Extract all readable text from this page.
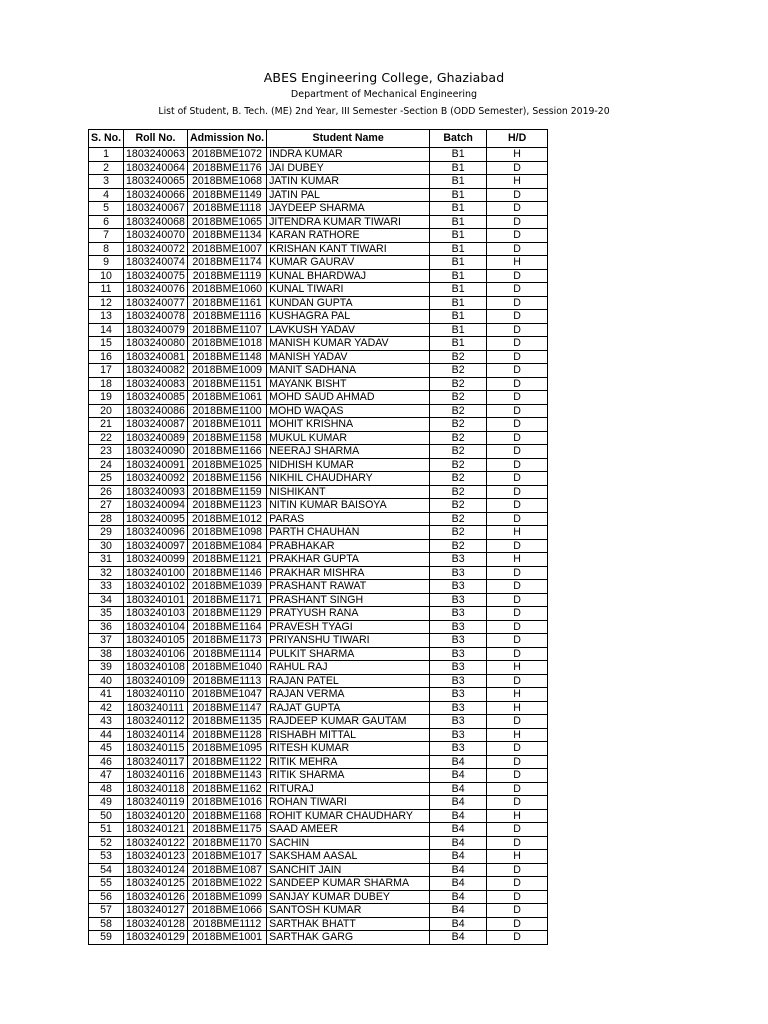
ABES Engineering College, Ghaziabad
Department of Mechanical Engineering
List of Student, B. Tech. (ME) 2nd Year, III Semester -Section B (ODD Semester), Session 2019-20
S. No.	Roll No.	Admission No.	Student Name	Batch	H/D
1	1803240063	2018BME1072	INDRA KUMAR	B1	H
2	1803240064	2018BME1176	JAI DUBEY	B1	D
3	1803240065	2018BME1068	JATIN KUMAR	B1	H
4	1803240066	2018BME1149	JATIN PAL	B1	D
5	1803240067	2018BME1118	JAYDEEP SHARMA	B1	D
6	1803240068	2018BME1065	JITENDRA KUMAR TIWARI	B1	D
7	1803240070	2018BME1134	KARAN RATHORE	B1	D
8	1803240072	2018BME1007	KRISHAN KANT TIWARI	B1	D
9	1803240074	2018BME1174	KUMAR GAURAV	B1	H
10	1803240075	2018BME1119	KUNAL BHARDWAJ	B1	D
11	1803240076	2018BME1060	KUNAL TIWARI	B1	D
12	1803240077	2018BME1161	KUNDAN GUPTA	B1	D
13	1803240078	2018BME1116	KUSHAGRA PAL	B1	D
14	1803240079	2018BME1107	LAVKUSH YADAV	B1	D
15	1803240080	2018BME1018	MANISH KUMAR YADAV	B1	D
16	1803240081	2018BME1148	MANISH YADAV	B2	D
17	1803240082	2018BME1009	MANIT SADHANA	B2	D
18	1803240083	2018BME1151	MAYANK BISHT	B2	D
19	1803240085	2018BME1061	MOHD SAUD AHMAD	B2	D
20	1803240086	2018BME1100	MOHD WAQAS	B2	D
21	1803240087	2018BME1011	MOHIT KRISHNA	B2	D
22	1803240089	2018BME1158	MUKUL KUMAR	B2	D
23	1803240090	2018BME1166	NEERAJ SHARMA	B2	D
24	1803240091	2018BME1025	NIDHISH KUMAR	B2	D
25	1803240092	2018BME1156	NIKHIL CHAUDHARY	B2	D
26	1803240093	2018BME1159	NISHIKANT	B2	D
27	1803240094	2018BME1123	NITIN KUMAR BAISOYA	B2	D
28	1803240095	2018BME1012	PARAS	B2	D
29	1803240096	2018BME1098	PARTH CHAUHAN	B2	H
30	1803240097	2018BME1084	PRABHAKAR	B2	D
31	1803240099	2018BME1121	PRAKHAR GUPTA	B3	H
32	1803240100	2018BME1146	PRAKHAR MISHRA	B3	D
33	1803240102	2018BME1039	PRASHANT RAWAT	B3	D
34	1803240101	2018BME1171	PRASHANT SINGH	B3	D
35	1803240103	2018BME1129	PRATYUSH RANA	B3	D
36	1803240104	2018BME1164	PRAVESH TYAGI	B3	D
37	1803240105	2018BME1173	PRIYANSHU TIWARI	B3	D
38	1803240106	2018BME1114	PULKIT SHARMA	B3	D
39	1803240108	2018BME1040	RAHUL RAJ	B3	H
40	1803240109	2018BME1113	RAJAN PATEL	B3	D
41	1803240110	2018BME1047	RAJAN VERMA	B3	H
42	1803240111	2018BME1147	RAJAT GUPTA	B3	H
43	1803240112	2018BME1135	RAJDEEP KUMAR GAUTAM	B3	D
44	1803240114	2018BME1128	RISHABH MITTAL	B3	H
45	1803240115	2018BME1095	RITESH KUMAR	B3	D
46	1803240117	2018BME1122	RITIK MEHRA	B4	D
47	1803240116	2018BME1143	RITIK SHARMA	B4	D
48	1803240118	2018BME1162	RITURAJ	B4	D
49	1803240119	2018BME1016	ROHAN TIWARI	B4	D
50	1803240120	2018BME1168	ROHIT KUMAR CHAUDHARY	B4	H
51	1803240121	2018BME1175	SAAD AMEER	B4	D
52	1803240122	2018BME1170	SACHIN	B4	D
53	1803240123	2018BME1017	SAKSHAM AASAL	B4	H
54	1803240124	2018BME1087	SANCHIT JAIN	B4	D
55	1803240125	2018BME1022	SANDEEP KUMAR SHARMA	B4	D
56	1803240126	2018BME1099	SANJAY KUMAR DUBEY	B4	D
57	1803240127	2018BME1066	SANTOSH KUMAR	B4	D
58	1803240128	2018BME1112	SARTHAK BHATT	B4	D
59	1803240129	2018BME1001	SARTHAK GARG	B4	D
